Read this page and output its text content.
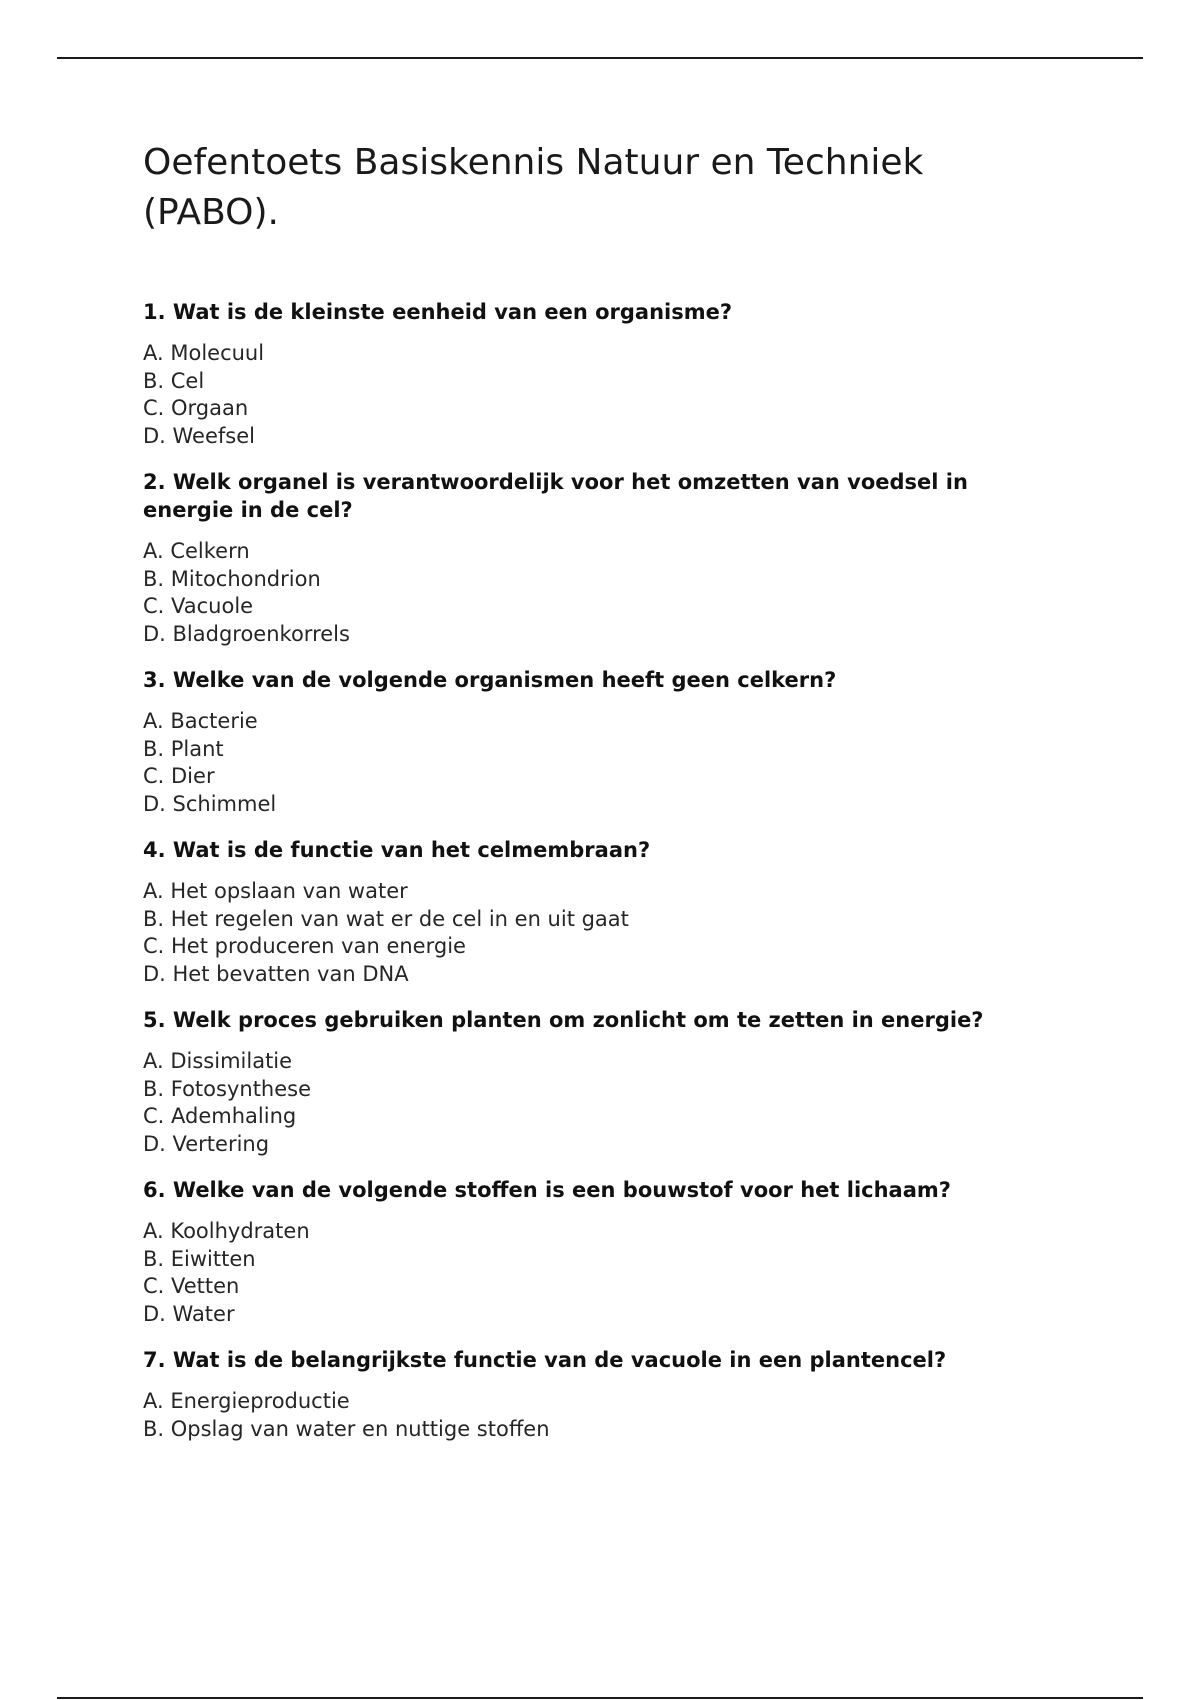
Oefentoets Basiskennis Natuur en Techniek (PABO).
1. Wat is de kleinste eenheid van een organisme?
A. Molecuul
B. Cel
C. Orgaan
D. Weefsel
2. Welk organel is verantwoordelijk voor het omzetten van voedsel in energie in de cel?
A. Celkern
B. Mitochondrion
C. Vacuole
D. Bladgroenkorrels
3. Welke van de volgende organismen heeft geen celkern?
A. Bacterie
B. Plant
C. Dier
D. Schimmel
4. Wat is de functie van het celmembraan?
A. Het opslaan van water
B. Het regelen van wat er de cel in en uit gaat
C. Het produceren van energie
D. Het bevatten van DNA
5. Welk proces gebruiken planten om zonlicht om te zetten in energie?
A. Dissimilatie
B. Fotosynthese
C. Ademhaling
D. Vertering
6. Welke van de volgende stoffen is een bouwstof voor het lichaam?
A. Koolhydraten
B. Eiwitten
C. Vetten
D. Water
7. Wat is de belangrijkste functie van de vacuole in een plantencel?
A. Energieproductie
B. Opslag van water en nuttige stoffen
